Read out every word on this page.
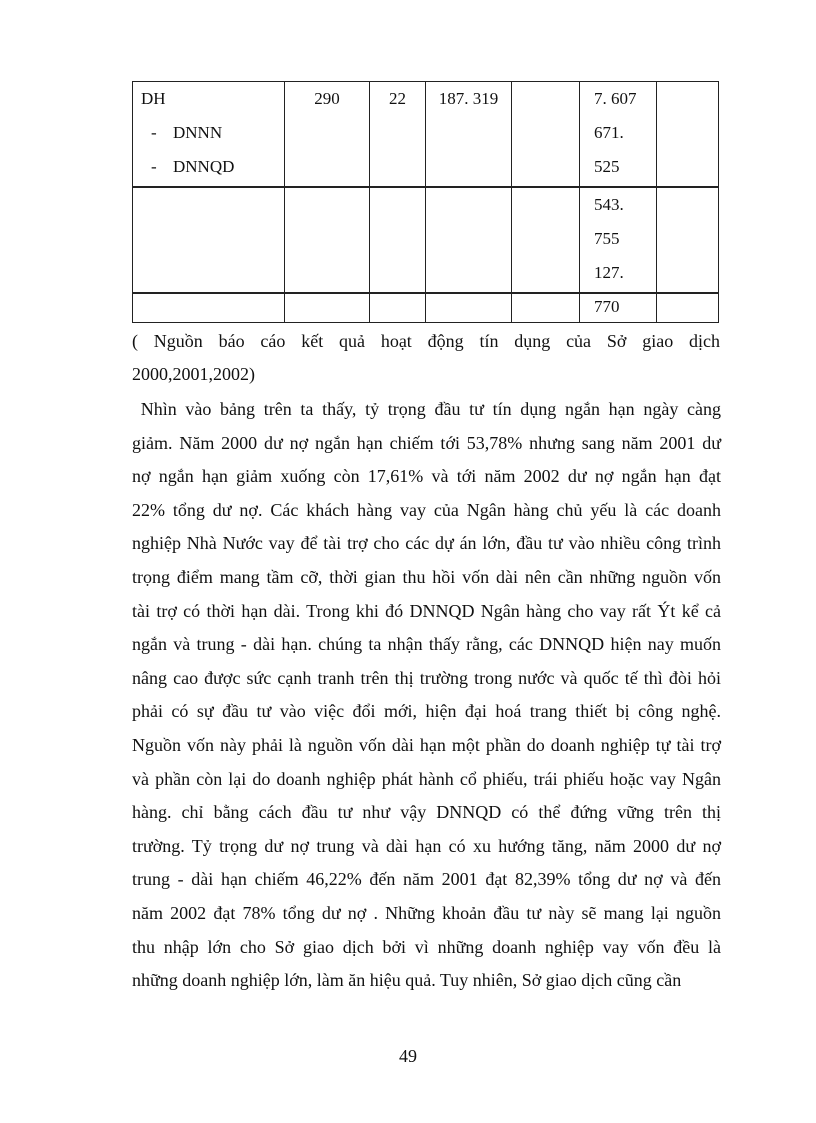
DH
- DNNN
- DNNQD	290	22	187. 319		7. 607
671.
525	

					543.
755
127.	

					770	

( Nguồn báo cáo kết quả hoạt động tín dụng của Sở giao dịch
2000,2001,2002)
Nhìn vào bảng trên ta thấy, tỷ trọng đầu tư tín dụng ngắn hạn ngày càng
giảm. Năm 2000 dư nợ ngắn hạn chiếm tới 53,78% nhưng sang năm 2001 dư
nợ ngắn hạn giảm xuống còn 17,61% và tới năm 2002 dư nợ ngắn hạn đạt
22% tổng dư nợ. Các khách hàng vay của Ngân hàng chủ yếu là các doanh
nghiệp Nhà Nước vay để tài trợ cho các dự án lớn, đầu tư vào nhiều công trình
trọng điểm mang tầm cỡ, thời gian thu hồi vốn dài nên cần những nguồn vốn
tài trợ có thời hạn dài. Trong khi đó DNNQD Ngân hàng cho vay rất Ýt kể cả
ngắn và trung - dài hạn. chúng ta nhận thấy rằng, các DNNQD hiện nay muốn
nâng cao được sức cạnh tranh trên thị trường trong nước và quốc tế thì đòi hỏi
phải có sự đầu tư vào việc đổi mới, hiện đại hoá trang thiết bị công nghệ.
Nguồn vốn này phải là nguồn vốn dài hạn một phần do doanh nghiệp tự tài trợ
và phần còn lại do doanh nghiệp phát hành cổ phiếu, trái phiếu hoặc vay Ngân
hàng. chỉ bằng cách đầu tư như vậy DNNQD có thể đứng vững trên thị
trường. Tỷ trọng dư nợ trung và dài hạn có xu hướng tăng, năm 2000 dư nợ
trung - dài hạn chiếm 46,22% đến năm 2001 đạt 82,39% tổng dư nợ và đến
năm 2002 đạt 78% tổng dư nợ . Những khoản đầu tư này sẽ mang lại nguồn
thu nhập lớn cho Sở giao dịch bởi vì những doanh nghiệp vay vốn đều là
những doanh nghiệp lớn, làm ăn hiệu quả. Tuy nhiên, Sở giao dịch cũng cần
49
